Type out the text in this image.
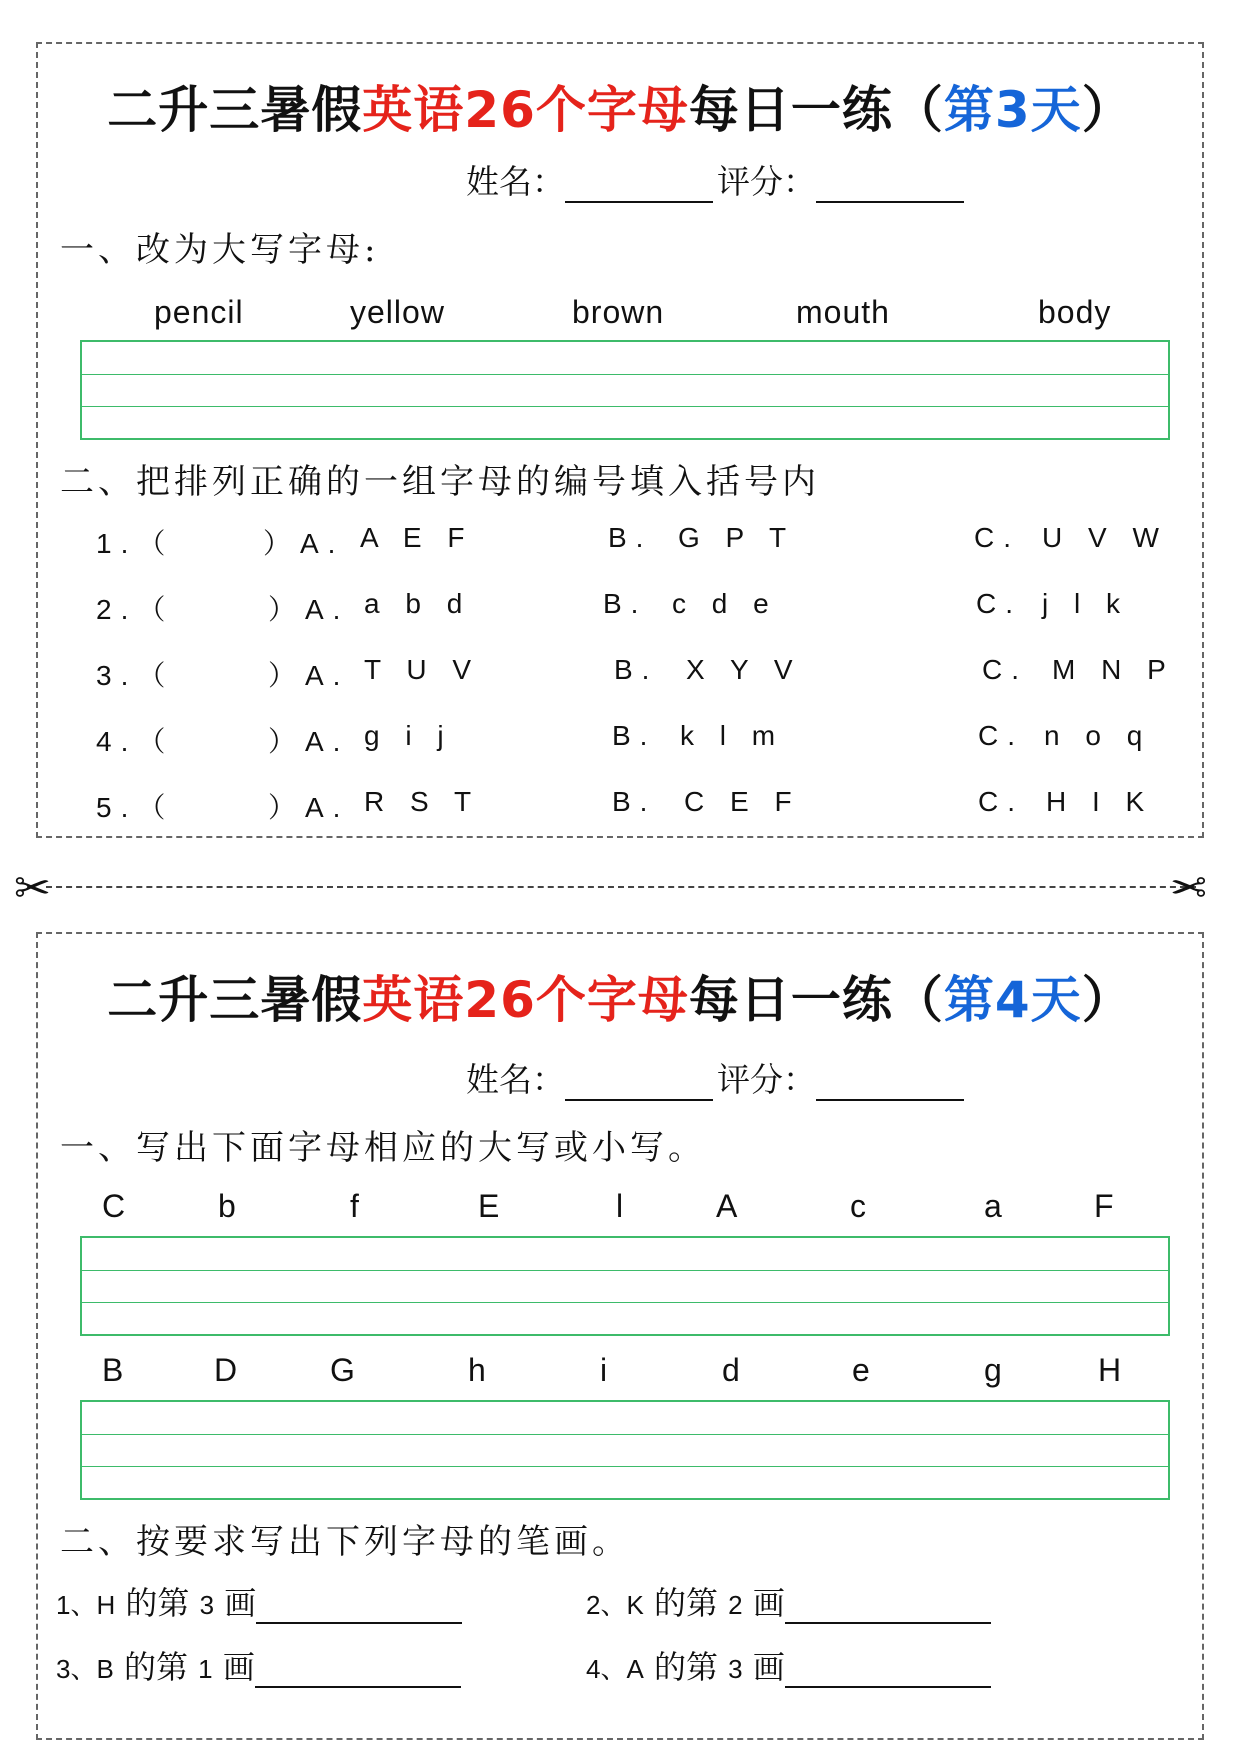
二升三暑假英语26个字母每日一练（第3天）
姓名：	评分：
一、改为大写字母:
pencil	yellow	brown	mouth	body
二、把排列正确的一组字母的编号填入括号内
1.（	）A. A E F	B. G P T	C. U V W
2.（	）A. a b d	B. c d e	C. j l k
3.（	）A. T U V	B. X Y V	C. M N P
4.（	）A. g i j	B. k l m	C. n o q
5.（	）A. R S T	B. C E F	C. H I K
✂	✂
二升三暑假英语26个字母每日一练（第4天）
姓名：	评分：
一、写出下面字母相应的大写或小写。
C	b	f	E	l	A	c	a	F
B	D	G	h	i	d	e	g	H
二、按要求写出下列字母的笔画。
1、H 的第 3 画	2、K 的第 2 画
3、B 的第 1 画	4、A 的第 3 画
